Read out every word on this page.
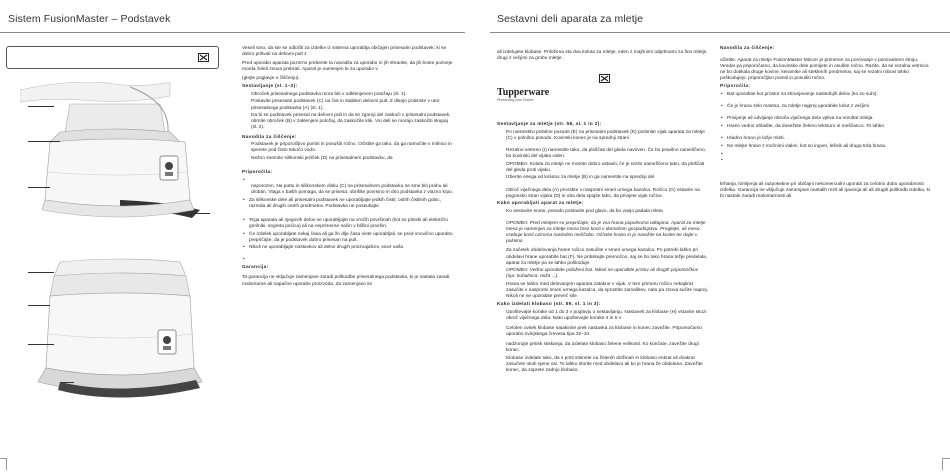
Sistem FusionMaster – Podstavek	Sestavni deli aparata za mletje

Veseli smo, da ste se odločili za izdelke iz sistema uporablja običajen prisesalni podstavek; ki se dobro prilivati na delovni pult z

Pred uporabo aparata pozorno preberite ta navodila za uporabo in jih shranite, da jih boste pozneje morda želeli znova prebrati. Aparat je namenjen le za uporabo v

(glejte poglavje o čiščenju).

Sestavljanje (sl. 1–2):

Obroček prisesalnega podstavka mora biti v odklenjenem položaju (sl. 1).

Postavite prisesalni podstavek (C) na čist in stabilen delovni pult. Z dlanjo potisnite v utor prisesalnega podstavka (A) (sl. 1).

Da bi se podstavek prisesal na delovni pult in da se zgornji del zaskoči v prisesalni podstavek, obrnite obroček (B) v zaklenjeni položaj, da zaskočite klik. Vsi deli se morajo zaskočiti skupaj (sl. 2).

Navodila za čiščenje:

Podstavek je priporočljivo pomiti in posušiti ročno. Očistite ga tako, da ga namočite v milnico in sperete pod čisto tekočo vodo.

Nežno snemite silikonski jeziček (D) na prisesalnem podstavku, da

Priporočila:

•

neporozen. Na puttu in silikonskem disku (C) na prisesalnem podstavku ne sme biti prahu ali drobtin. Vlaga v baših pomaga, da se prisesa: obrišite povrsino in dno podstavka z vlazno krpo.

• Za silikonske dele ali prisesalni podstavek ne uporabljajte jedkih čistil, ostrih čistilnih gobic, razreda ali drugih ostrih predmetov. Podstavka ne poskušajte

• Tega aparata ali njegovih delov ne uporabljajte na vročih površinah (kot so plinski ali električni gorilniki, segreta pečica) ali na neprimerne način v bližini površin.

• Če izdelek uporabljate nekaj časa ali ga že dlje časa niste uporabljali, se pred vnovično uporabo prepričajte, da je podstavek dobro prisesan na pult.

• Nikoli ne uporabljajte nastavkov ali delov drugih proizvajalcev, sicer vaša

•

Garancija:

Ta garancija ne vključuje zamenjave zaradi poškodbe prisesalnega podstavka, ki je nastala zaradi malomarne ali napačne uporabe proizvoda. Za zamenjavo se

ali izdelujete klobase. Priložena sta dva koluta za mletje, eden z majhnimi odprtinami za fino mletje, drugi z večjimi za grobo mletje.

Tupperware
Preserving your Future

Sestavljanje za mletje (str. 58, sl. 1 in 2):

Po namestitvi polnilne posode (E) na prisesalni podstavek (K) potisnite vijak aparata za mletje (C) v polnilno posodo. Kovinski konec je na sprednji strani

Rezalno vetreno (I) namestite tako, da ploščati del gleda navzven. Če bo pravilno nameščeno, bo kovinski del vijaka viden.

OPOMBA: Koluta za mletje ne morete dobro ustaviti, če je rezilo nameščeno tako, da ploščati del gleda proti vijaku.

Izberite enega od kolutov za mletje (B) in ga namestite na sprednji del

Obroč vijačnega dela (A) privrstite v nasprotni smeri urnega kazalca. Ročico (G) vstavite na pogonsko stran vijaka (D) in oba dela spojite tako, da privijete vijak ročice.

Kako uporabljati aparat za mletje:

Ko sestavite enoto, posodo postavite pod glavo, da bo vanjo padala mleta

OPOMBA: Pred mletjem se prepričajte, da je vsa hrana popolnoma odtajana. Aparat za mletje mesa je namenjen za mletje mesa brez kosti v domačem gospodinjstvu. Preglejte, ali meso vsebuje kosti oziroma nasledno meščobo. Očistite hrano in jo narežite na koske ter dajte v polnilno

Za začetek obdelovanja hrane ročico zasučite v smeri urnega kazalca. Po potrebi lahko pri obdelavi hrane uporabite bat (F). Ne pritiskajte premočno, saj se bo tako hrana težje predelala, aparat za mletje pa se lahko poškoduje.

OPOMBA: Vedno uporabite priloženi bat. Nikoli ne uporabite prstov ali drugih pripomočkov (npr. kuhalnica, noža ...).

Hrana se lahko med delovanjem aparata zatakne v vijak. V tem primeru ročico nekajkrat zasučite v nasprotni smeri urnega kazalca, da sprostite zamašitev, nato pa znova sučite naprej. Nikoli ne ne uporabite preveč sile.

Kako izdelati klobaso (str. 59, sl. 1 in 3):

Upoštevajte korake od 1 do 3 v poglavju o sestavljanju. Nastavek za klobase (H) vstavite skozi obroč vijačnega dela. Nato upoštevajte korake 4 in 5 v

Celoten ovitek klobase natakinite prek nastavka za klobase in konec zavežite. Pripomočamo uporabo svinjskega črevesa tipa 32–34.

nadzorujte pritisk stiskanja, da izdelate klobaso želene velikosti. Ko končate, zavežite drugi konec.

Klobase izdelate tako, da s prsti stisnete na želenih dolžinah in klobaso enkrat ali dvakrat zasučete okoli njene osi. To lahko storite med obdelavo ali ko je hrana že obdelana. Zavežite konec, da zaprete zadnjo klobaso.

Navodila za čiščenje:

očistite. Aparat za mletje FusionMaster Mincer je primeren za pomivanje v pomivalnem stroju. Vendar pa priporočamo, da kovinske dele pomijete in osušite ročno. Razite, da se rezalna vetrnica ne bo dotikala druge kovine, keramike ali stekleníh predmetov, saj se rezalni robovi lahko poškodujejo. priporočljivo pomiti in posušiti ročno.

Priporočila:

• Bat uporabite kot prostor za shranjevanje naslednjih delov (ko so suhi):

• Če je hrana zelo mastna, za mletje najprej uporabite kolut z večjimi

• Privijanje ali odvijanje obroča vijačnega dela vpliva na rezultat mletja.

• Hrano vedno ohladite, da dosežete želeno teksturo in meščanco. To lahko

• Hladno hrano je lažje mleti.

• Ne mlejte hrane z močnimi vlakni, kot so ingver, lešnik ali druga trda hrana.

•
•

krhanja, lomljenja ali razpoketine pri običajni nekomercialni uporabi za celotno dobo uporabnosti izdelka. Garancija ne vključuje zamenjave nastalih rezil ali rjavenja ali ali drugih poškodb izdelka, ki bi nastale zaradi malomarnosti ali
